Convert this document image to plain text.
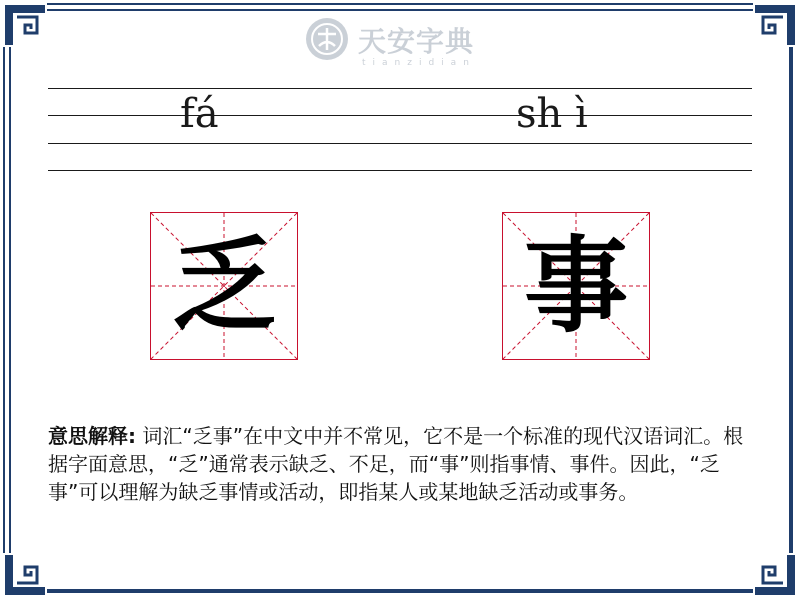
天安字典
tianzidian
fá	sh ì
乏 事
意思解释: 词汇“乏事”在中文中并不常见，它不是一个标准的现代汉语词汇。根据字面意思，“乏”通常表示缺乏、不足，而“事”则指事情、事件。因此，“乏事”可以理解为缺乏事情或活动，即指某人或某地缺乏活动或事务。
